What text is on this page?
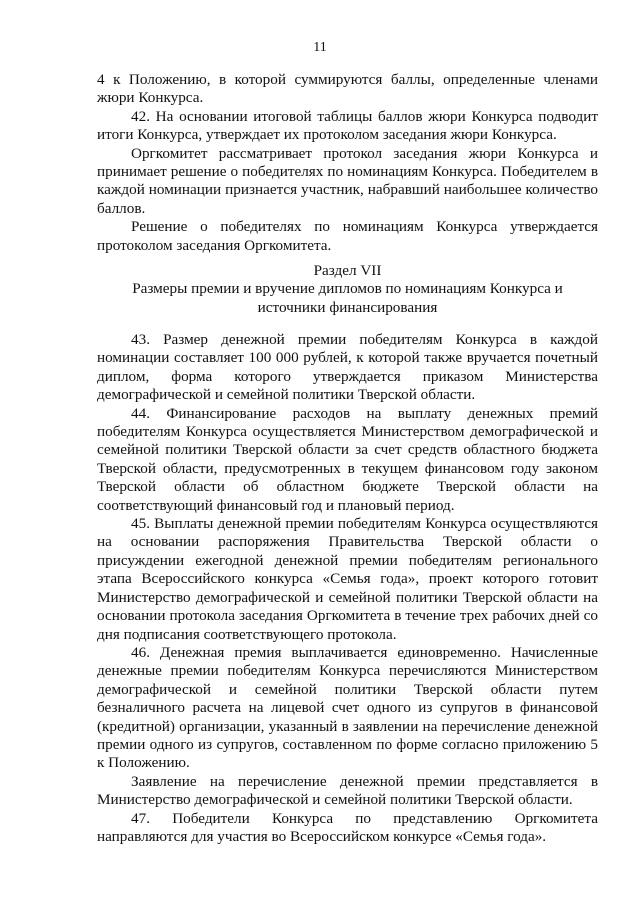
11

4 к Положению, в которой суммируются баллы, определенные членами жюри Конкурса.

42. На основании итоговой таблицы баллов жюри Конкурса подводит итоги Конкурса, утверждает их протоколом заседания жюри Конкурса.

Оргкомитет рассматривает протокол заседания жюри Конкурса и принимает решение о победителях по номинациям Конкурса. Победителем в каждой номинации признается участник, набравший наибольшее количество баллов.

Решение о победителях по номинациям Конкурса утверждается протоколом заседания Оргкомитета.

Раздел VII

Размеры премии и вручение дипломов по номинациям Конкурса и источники финансирования

43. Размер денежной премии победителям Конкурса в каждой номинации составляет 100 000 рублей, к которой также вручается почетный диплом, форма которого утверждается приказом Министерства демографической и семейной политики Тверской области.

44. Финансирование расходов на выплату денежных премий победителям Конкурса осуществляется Министерством демографической и семейной политики Тверской области за счет средств областного бюджета Тверской области, предусмотренных в текущем финансовом году законом Тверской области об областном бюджете Тверской области на соответствующий финансовый год и плановый период.

45. Выплаты денежной премии победителям Конкурса осуществляются на основании распоряжения Правительства Тверской области о присуждении ежегодной денежной премии победителям регионального этапа Всероссийского конкурса «Семья года», проект которого готовит Министерство демографической и семейной политики Тверской области на основании протокола заседания Оргкомитета в течение трех рабочих дней со дня подписания соответствующего протокола.

46. Денежная премия выплачивается единовременно. Начисленные денежные премии победителям Конкурса перечисляются Министерством демографической и семейной политики Тверской области путем безналичного расчета на лицевой счет одного из супругов в финансовой (кредитной) организации, указанный в заявлении на перечисление денежной премии одного из супругов, составленном по форме согласно приложению 5 к Положению.

Заявление на перечисление денежной премии представляется в Министерство демографической и семейной политики Тверской области.

47. Победители Конкурса по представлению Оргкомитета направляются для участия во Всероссийском конкурсе «Семья года».
